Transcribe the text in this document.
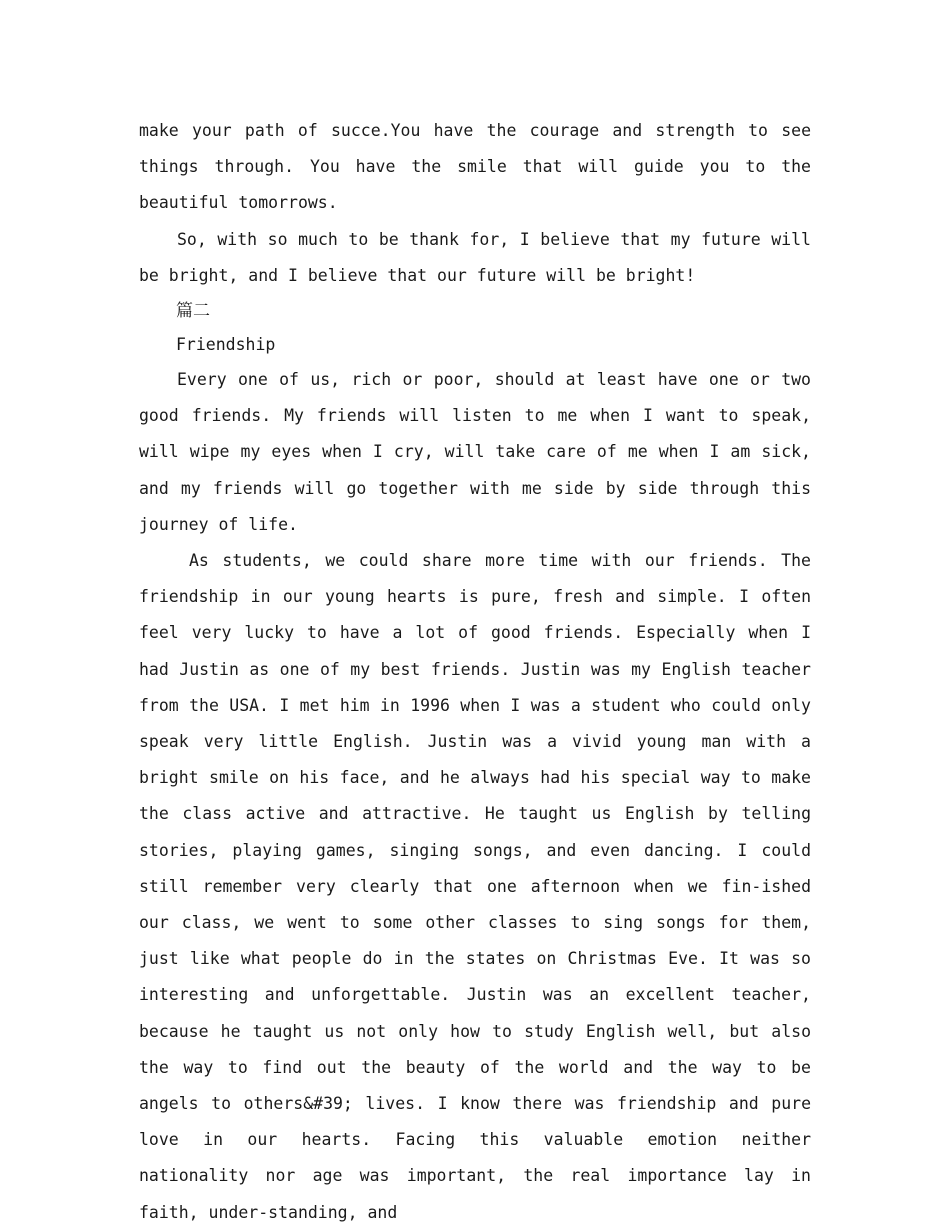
make your path of succe.You have the courage and strength to see things through. You have the smile that will guide you to the beautiful tomorrows.

So, with so much to be thank for, I believe that my future will be bright, and I believe that our future will be bright!

篇二

Friendship

Every one of us, rich or poor, should at least have one or two good friends. My friends will listen to me when I want to speak, will wipe my eyes when I cry, will take care of me when I am sick, and my friends will go together with me side by side through this journey of life.

As students, we could share more time with our friends. The friendship in our young hearts is pure, fresh and simple. I often feel very lucky to have a lot of good friends. Especially when I had Justin as one of my best friends. Justin was my English teacher from the USA. I met him in 1996 when I was a student who could only speak very little English. Justin was a vivid young man with a bright smile on his face, and he always had his special way to make the class active and attractive. He taught us English by telling stories, playing games, singing songs, and even dancing. I could still remember very clearly that one afternoon when we fin-ished our class, we went to some other classes to sing songs for them, just like what people do in the states on Christmas Eve. It was so interesting and unforgettable. Justin was an excellent teacher, because he taught us not only how to study English well, but also the way to find out the beauty of the world and the way to be angels to others&#39; lives. I know there was friendship and pure love in our hearts. Facing this valuable emotion neither nationality nor age was important, the real importance lay in faith, under-standing, and
